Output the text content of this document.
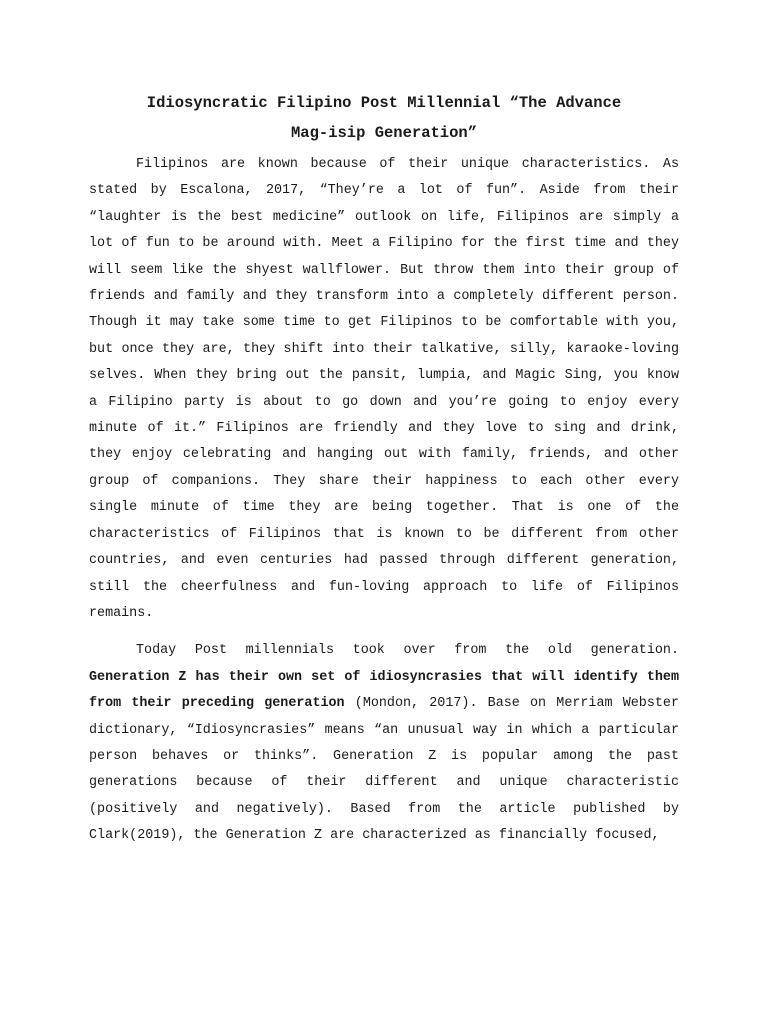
Idiosyncratic Filipino Post Millennial “The Advance
Mag-isip Generation”

Filipinos are known because of their unique characteristics. As stated by Escalona, 2017, “They’re a lot of fun”. Aside from their “laughter is the best medicine” outlook on life, Filipinos are simply a lot of fun to be around with. Meet a Filipino for the first time and they will seem like the shyest wallflower. But throw them into their group of friends and family and they transform into a completely different person. Though it may take some time to get Filipinos to be comfortable with you, but once they are, they shift into their talkative, silly, karaoke-loving selves. When they bring out the pansit, lumpia, and Magic Sing, you know a Filipino party is about to go down and you’re going to enjoy every minute of it.” Filipinos are friendly and they love to sing and drink, they enjoy celebrating and hanging out with family, friends, and other group of companions. They share their happiness to each other every single minute of time they are being together. That is one of the characteristics of Filipinos that is known to be different from other countries, and even centuries had passed through different generation, still the cheerfulness and fun-loving approach to life of Filipinos remains.

Today Post millennials took over from the old generation. Generation Z has their own set of idiosyncrasies that will identify them from their preceding generation (Mondon, 2017). Base on Merriam Webster dictionary, “Idiosyncrasies” means “an unusual way in which a particular person behaves or thinks”. Generation Z is popular among the past generations because of their different and unique characteristic (positively and negatively). Based from the article published by Clark(2019), the Generation Z are characterized as financially focused,
